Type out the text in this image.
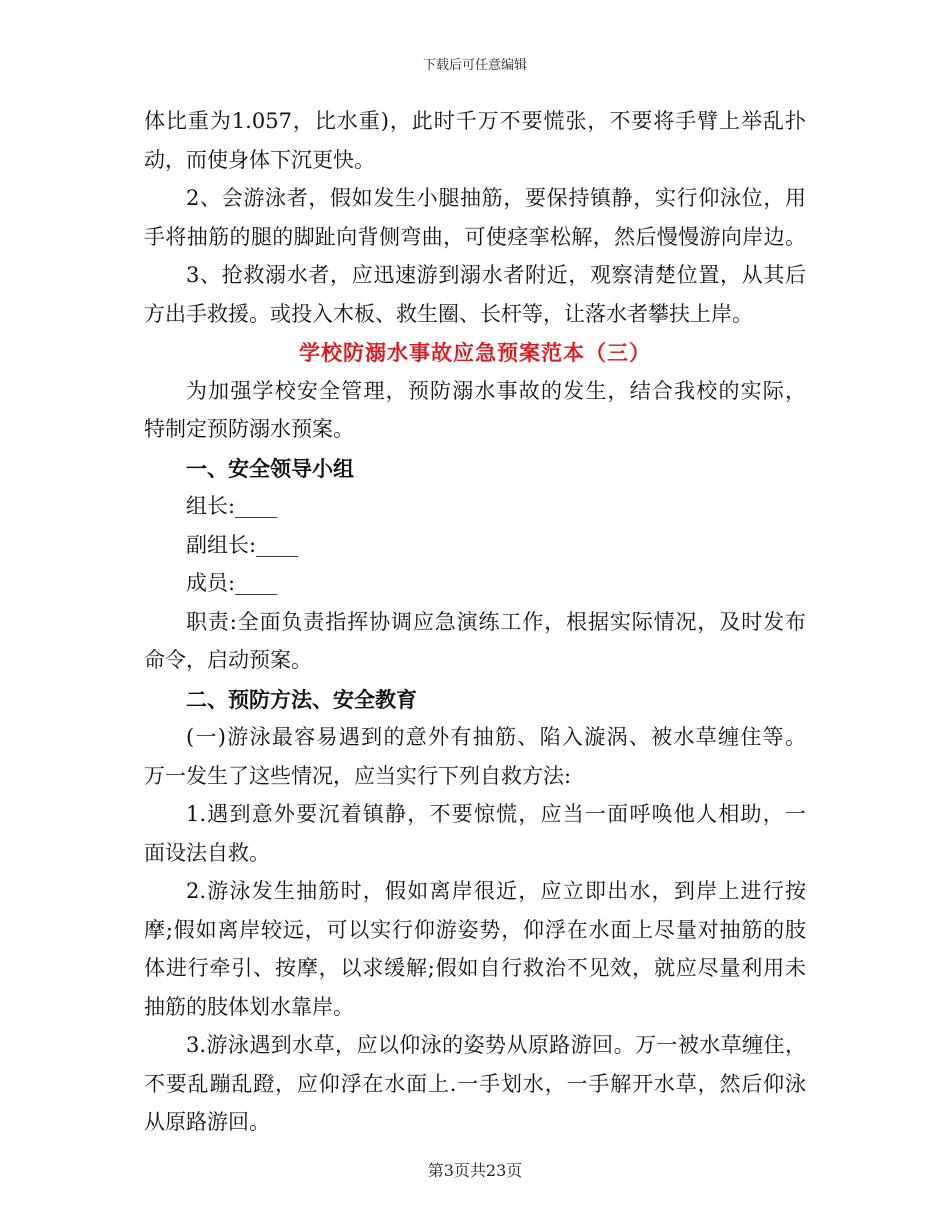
下载后可任意编辑
体比重为1.057，比水重)，此时千万不要慌张，不要将手臂上举乱扑
动，而使身体下沉更快。
2、会游泳者，假如发生小腿抽筋，要保持镇静，实行仰泳位，用
手将抽筋的腿的脚趾向背侧弯曲，可使痉挛松解，然后慢慢游向岸边。
3、抢救溺水者，应迅速游到溺水者附近，观察清楚位置，从其后
方出手救援。或投入木板、救生圈、长杆等，让落水者攀扶上岸。
学校防溺水事故应急预案范本（三）
为加强学校安全管理，预防溺水事故的发生，结合我校的实际，
特制定预防溺水预案。
一、安全领导小组
组长:____
副组长:____
成员:____
职责:全面负责指挥协调应急演练工作，根据实际情况，及时发布
命令，启动预案。
二、预防方法、安全教育
(一)游泳最容易遇到的意外有抽筋、陷入漩涡、被水草缠住等。
万一发生了这些情况，应当实行下列自救方法:
1.遇到意外要沉着镇静，不要惊慌，应当一面呼唤他人相助，一
面设法自救。
2.游泳发生抽筋时，假如离岸很近，应立即出水，到岸上进行按
摩;假如离岸较远，可以实行仰游姿势，仰浮在水面上尽量对抽筋的肢
体进行牵引、按摩，以求缓解;假如自行救治不见效，就应尽量利用未
抽筋的肢体划水靠岸。
3.游泳遇到水草，应以仰泳的姿势从原路游回。万一被水草缠住，
不要乱蹦乱蹬，应仰浮在水面上.一手划水，一手解开水草，然后仰泳
从原路游回。
第3页共23页
